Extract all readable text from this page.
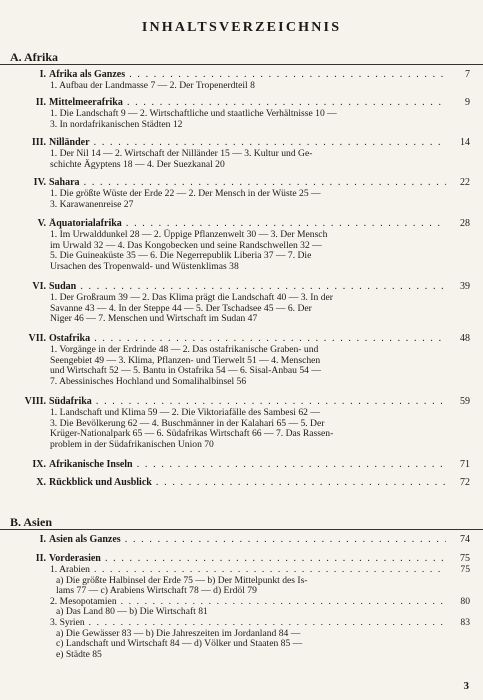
INHALTSVERZEICHNIS
A. Afrika
I. Afrika als Ganzes . . .	7
1. Aufbau der Landmasse 7 — 2. Der Tropenerdteil 8
II. Mittelmeerafrika . . .	9
1. Die Landschaft 9 — 2. Wirtschaftliche und staatliche Verhältnisse 10 —
3. In nordafrikanischen Städten 12
III. Nilländer . . .	14
1. Der Nil 14 — 2. Wirtschaft der Nilländer 15 — 3. Kultur und Ge-
schichte Ägyptens 18 — 4. Der Suezkanal 20
IV. Sahara . . .	22
1. Die größte Wüste der Erde 22 — 2. Der Mensch in der Wüste 25 —
3. Karawanenreise 27
V. Äquatorialafrika . . .	28
1. Im Urwalddunkel 28 — 2. Üppige Pflanzenwelt 30 — 3. Der Mensch
im Urwald 32 — 4. Das Kongobecken und seine Randschwellen 32 —
5. Die Guineaküste 35 — 6. Die Negerrepublik Liberia 37 — 7. Die
Ursachen des Tropenwald- und Wüstenklimas 38
VI. Sudan . . .	39
1. Der Großraum 39 — 2. Das Klima prägt die Landschaft 40 — 3. In der
Savanne 43 — 4. In der Steppe 44 — 5. Der Tschadsee 45 — 6. Der
Niger 46 — 7. Menschen und Wirtschaft im Sudan 47
VII. Ostafrika . . .	48
1. Vorgänge in der Erdrinde 48 — 2. Das ostafrikanische Graben- und
Seengebiet 49 — 3. Klima, Pflanzen- und Tierwelt 51 — 4. Menschen
und Wirtschaft 52 — 5. Bantu in Ostafrika 54 — 6. Sisal-Anbau 54 —
7. Abessinisches Hochland und Somalihalbinsel 56
VIII. Südafrika . . .	59
1. Landschaft und Klima 59 — 2. Die Viktoriafälle des Sambesi 62 —
3. Die Bevölkerung 62 — 4. Buschmänner in der Kalahari 65 — 5. Der
Krüger-Nationalpark 65 — 6. Südafrikas Wirtschaft 66 — 7. Das Rassen-
problem in der Südafrikanischen Union 70
IX. Afrikanische Inseln . . .	71
X. Rückblick und Ausblick . . .	72
B. Asien
I. Asien als Ganzes . . .	74
II. Vorderasien . . .	75
1. Arabien . . .	75
a) Die größte Halbinsel der Erde 75 — b) Der Mittelpunkt des Is-
lams 77 — c) Arabiens Wirtschaft 78 — d) Erdöl 79
2. Mesopotamien . . .	80
a) Das Land 80 — b) Die Wirtschaft 81
3. Syrien . . .	83
a) Die Gewässer 83 — b) Die Jahreszeiten im Jordanland 84 —
c) Landschaft und Wirtschaft 84 — d) Völker und Staaten 85 —
e) Städte 85
3
